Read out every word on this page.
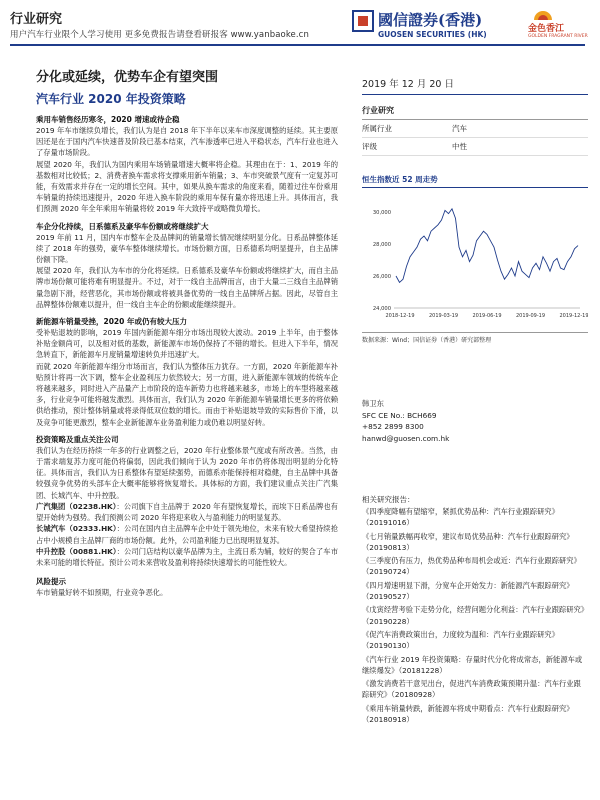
行业研究
用户汽车行业限个人学习使用 更多免费报告请登看研报客 www.yanbaoke.cn
國信證券(香港)
GUOSEN SECURITIES (HK)
金色香江
GOLDEN FRAGRANT RIVER
分化或延续，优势车企有望突围
汽车行业 2020 年投资策略
乘用车销售经历寒冬，2020 增速或待企稳
2019 年车市继续负增长，我们认为是自 2018 年下半年以来车市深度调整的延续。其主要原因还是在于国内汽车快速普及阶段已基本结束，汽车渗透率已进入平稳状态，汽车行业也进入了存量市场阶段。
展望 2020 年，我们认为国内乘用车场销量增速大概率将企稳。其理由在于：1、2019 年的基数相对比较低；2、消费者换车需求将支撑乘用新车销量；3、车市突破景气度有一定复苏可能，有效需求并存在一定的增长空间。其中，如果从换车需求的角度来看，随着过往车份乘用车销量的持续迅速提升，2020 年进入换车阶段的乘用车保有量亦将迅速上升。具体而言，我们预测 2020 年全年乘用车销量将较 2019 年大致持平或略微负增长。
车企分化持续，日系德系及豪华车份额或将继续扩大
2019 年前 11 月，国内车市整车企及品牌间的销量增长情况继续明显分化。日系品牌整体延续了 2018 年的强势，豪华车整体继续增长。市场份额方面，日系德系均明显提升，自主品牌份额下降。
展望 2020 年，我们认为车市的分化将延续。日系德系及豪华车份额或将继续扩大，而自主品牌市场份额可能将难有明显提升。不过，对于一线自主品牌而言，由于大量二三线自主品牌销量急剧下滑，经营恶化，其市场份额或将被具备优势的一线自主品牌所占据。因此，尽管自主品牌整体份额难以提升，但一线自主车企的份额或能继续提升。
新能源车销量受挫，2020 年或仍有较大压力
受补贴退坡的影响，2019 年国内新能源车细分市场出现较大波动。2019 上半年，由于整体补贴金额尚可，以及相对低的基数，新能源车市场仍保持了不错的增长。但进入下半年，情况急转直下，新能源车月度销量增速转负并迅速扩大。
而就 2020 年新能源车细分市场而言，我们认为整体压力犹存。一方面，2020 年新能源车补贴预计将再一次下调，整车企业盈利压力依然较大；另一方面，进入新能源车领域的传统车企将越来越多，同时进入产品量产上市阶段的造车新势力也将越来越多，市场上的车型将越来越多，行业竞争可能将越发激烈。具体而言，我们认为 2020 年新能源车销量增长更多的将依赖供给推动，预计整体销量或将录得低双位数的增长。而由于补贴退坡导致的实际售价下滑，以及竞争可能更激烈，整车企业新能源车业务盈利能力或仍难以明显好转。
投资策略及重点关注公司
我们认为在经历持续一年多的行业调整之后，2020 年行业整体景气度或有所改善。当然，由于需求端复苏力度可能仍将偏弱，因此我们倾向于认为 2020 年市仍将体现出明显的分化特征。具体而言，我们认为日系整体有望延续强势，而德系亦能保持相对稳健，自主品牌中具备较强竞争优势的头部车企大概率能够将恢复增长。具体标的方面，我们建议重点关注广汽集团、长城汽车、中升控股。
广汽集团（02238.HK）：公司旗下自主品牌于 2020 年有望恢复增长，而埃下日系品牌也有望开始转为强势。我们预测公司 2020 年将迎来收入与盈利能力的明显复苏。
长城汽车（02333.HK）：公司在国内自主品牌车企中处于领先地位，未来有较大希望持续抢占中小规模自主品牌厂商的市场份额。此外，公司盈利能力已出现明显复苏。
中升控股（00881.HK）：公司门店结构以豪华品牌为主，主流日系为辅，较好的契合了车市未来可能的增长特征。预计公司未来营收及盈利将持续快速增长的可能性较大。
风险提示
车市销量好转不如预期，行业竞争恶化。
2019 年 12 月 20 日
行业研究
所属行业	汽车
评级	中性
恒生指数近 52 周走势
24,000
26,000
28,000
30,000
2018-12-19	2019-03-19	2019-06-19	2019-09-19	2019-12-19
数据来源：Wind；国信证券（香港）研究部整理
韩卫东
SFC CE No.: BCH669
+852 2899 8300
hanwd@guosen.com.hk
相关研究报告：
《四季度降幅有望缩窄，紧抓优势品种：汽车行业跟踪研究》（20191016）
《七月销量跌幅再收窄，建议布局优势品种：汽车行业跟踪研究》（20190813）
《三季度仍有压力，热优势品种布局机会或近：汽车行业跟踪研究》（20190724）
《四月增速明显下滑，分宽车企开始发力：新能源汽车跟踪研究》（20190527）
《戊寅经营考验下走势分化，经营问题分化利益：汽车行业跟踪研究》（20190228）
《促汽车消费政策出台，力度较为温和：汽车行业跟踪研究》（20190130）
《汽车行业 2019 年投资策略：存量时代分化将成常态，新能源车或继续爆发》（20181228）
《激发消费若干意见出台，促进汽车消费政策预期升温：汽车行业跟踪研究》（20180928）
《乘用车销量转跌，新能源车将成中期看点：汽车行业跟踪研究》（20180918）
